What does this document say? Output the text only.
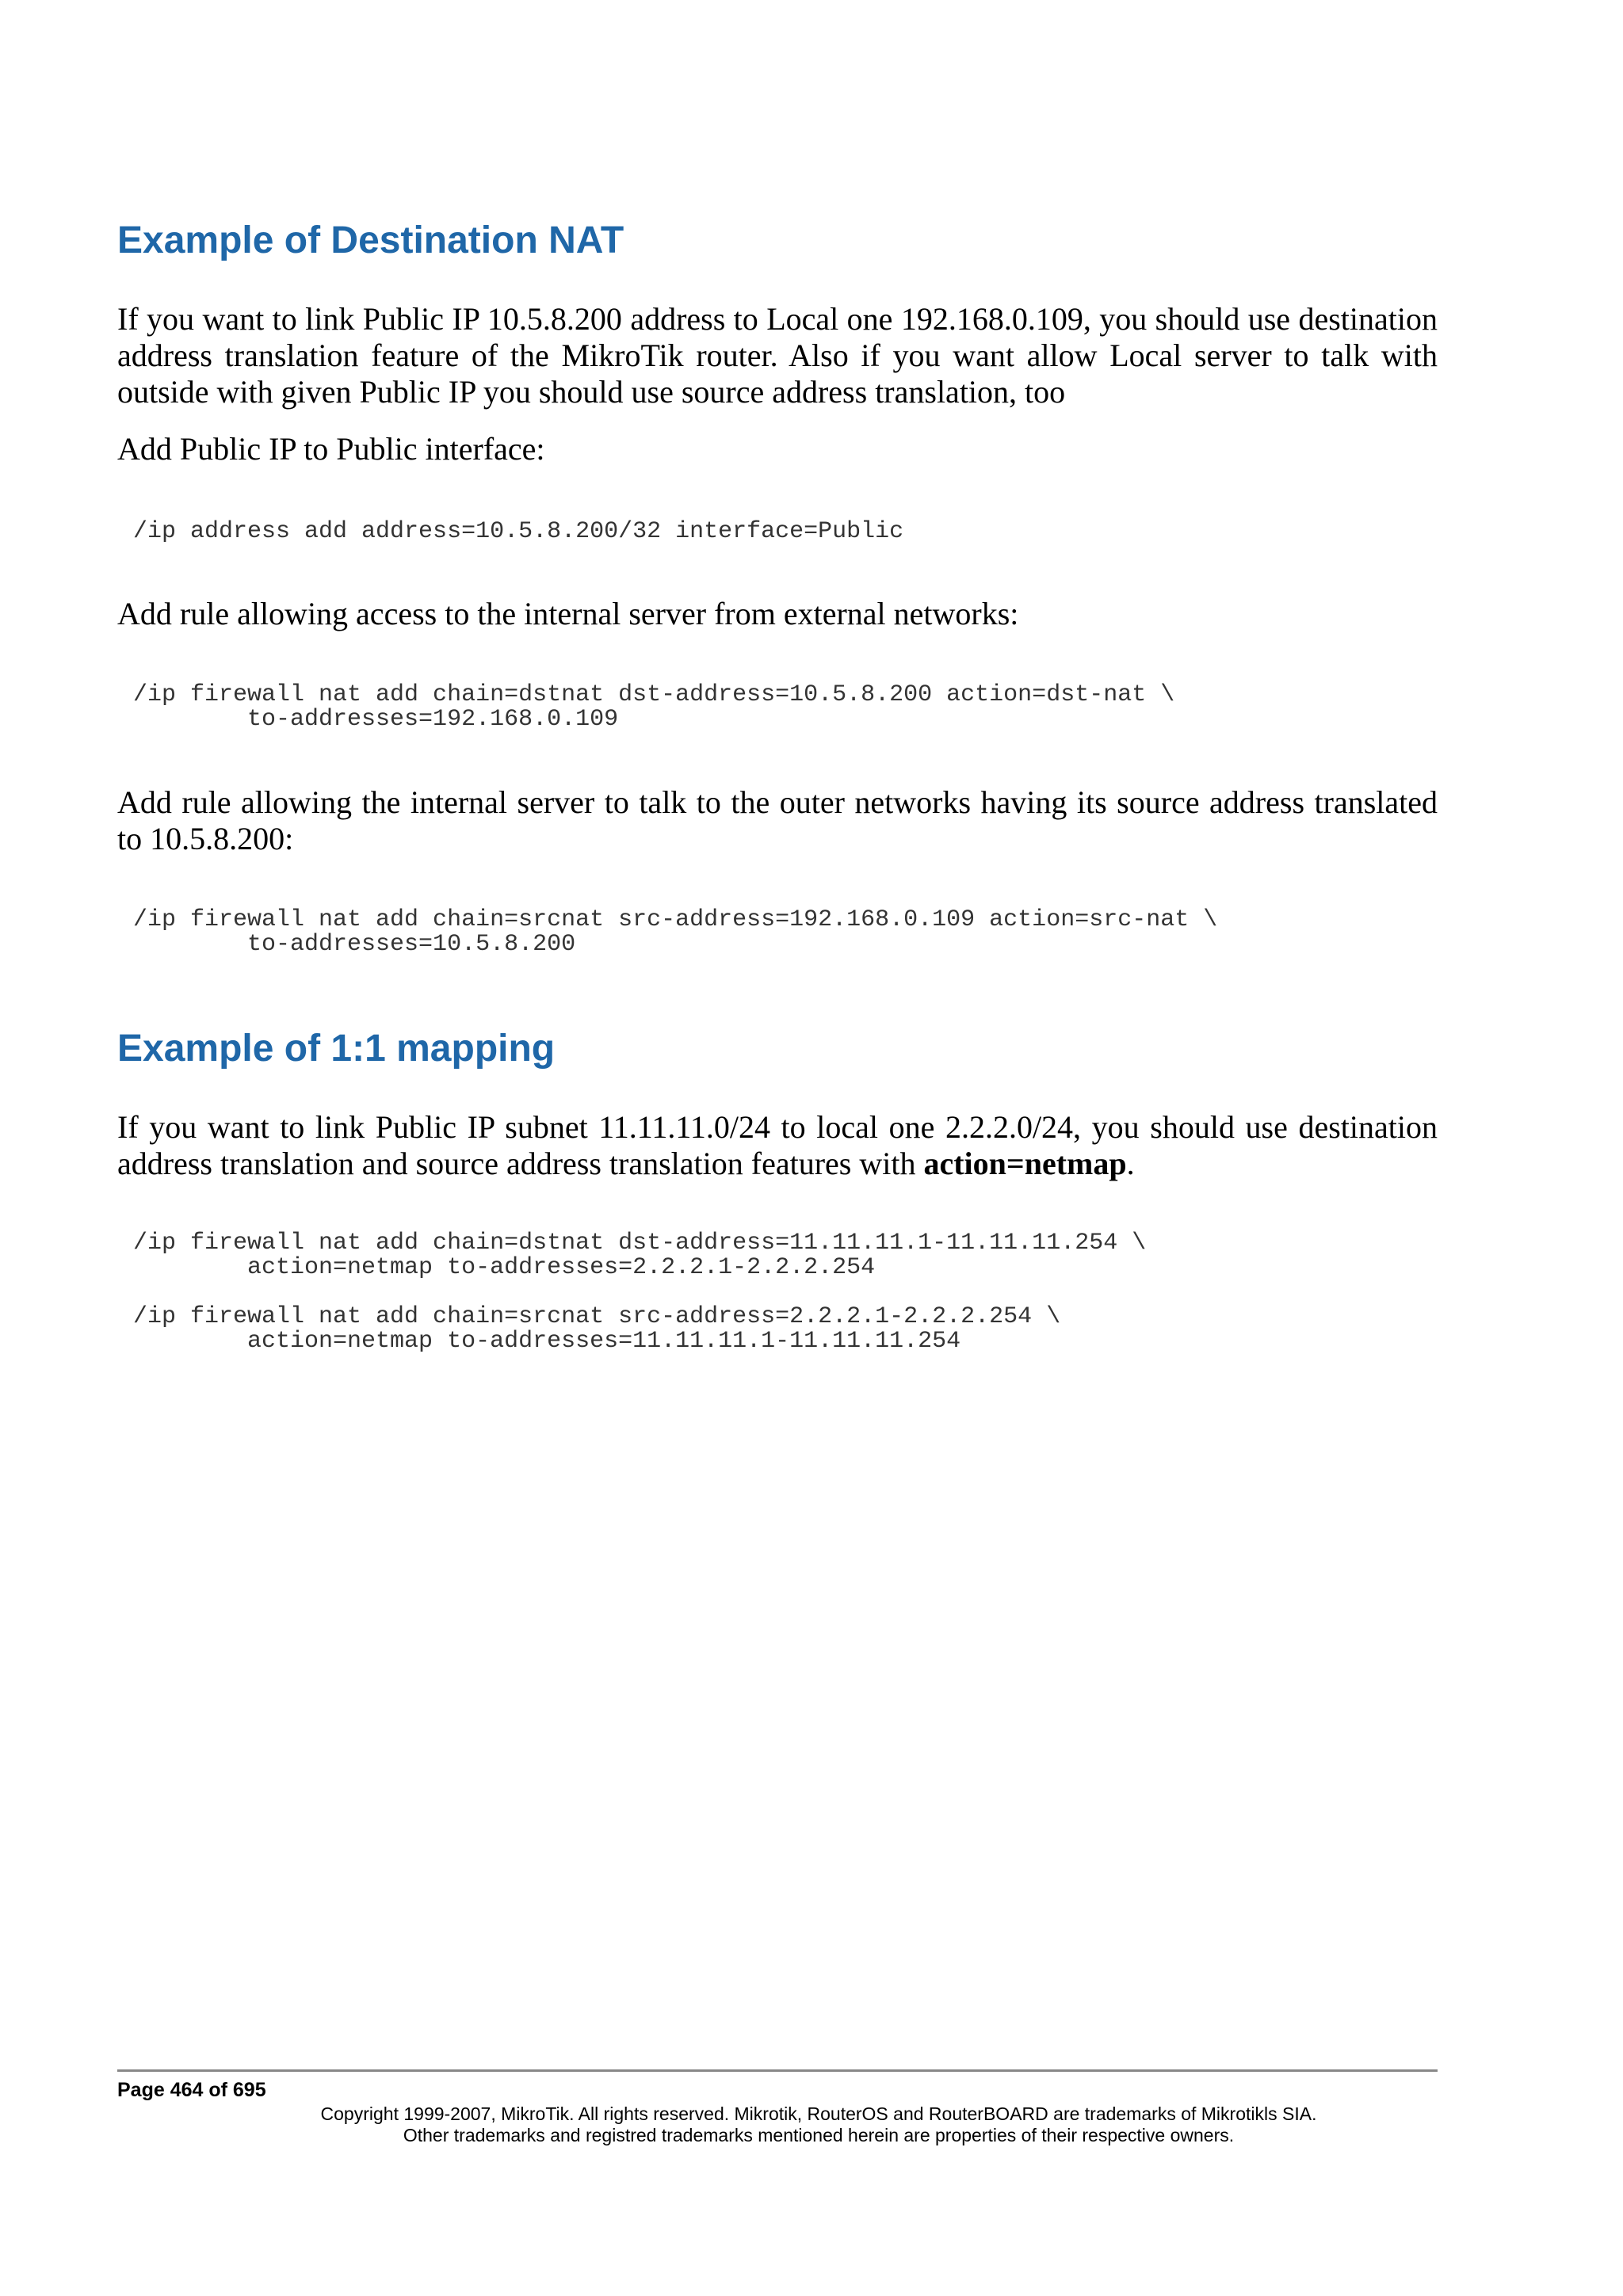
Example of Destination NAT

If you want to link Public IP 10.5.8.200 address to Local one 192.168.0.109, you should use destination address translation feature of the MikroTik router. Also if you want allow Local server to talk with outside with given Public IP you should use source address translation, too

Add Public IP to Public interface:

/ip address add address=10.5.8.200/32 interface=Public

Add rule allowing access to the internal server from external networks:

/ip firewall nat add chain=dstnat dst-address=10.5.8.200 action=dst-nat \
to-addresses=192.168.0.109

Add rule allowing the internal server to talk to the outer networks having its source address translated to 10.5.8.200:

/ip firewall nat add chain=srcnat src-address=192.168.0.109 action=src-nat \
to-addresses=10.5.8.200
Example of 1:1 mapping

If you want to link Public IP subnet 11.11.11.0/24 to local one 2.2.2.0/24, you should use destination address translation and source address translation features with action=netmap.

/ip firewall nat add chain=dstnat dst-address=11.11.11.1-11.11.11.254 \
action=netmap to-addresses=2.2.2.1-2.2.2.254
/ip firewall nat add chain=srcnat src-address=2.2.2.1-2.2.2.254 \
action=netmap to-addresses=11.11.11.1-11.11.11.254

Page 464 of 695

Copyright 1999-2007, MikroTik. All rights reserved. Mikrotik, RouterOS and RouterBOARD are trademarks of Mikrotikls SIA.

Other trademarks and registred trademarks mentioned herein are properties of their respective owners.
